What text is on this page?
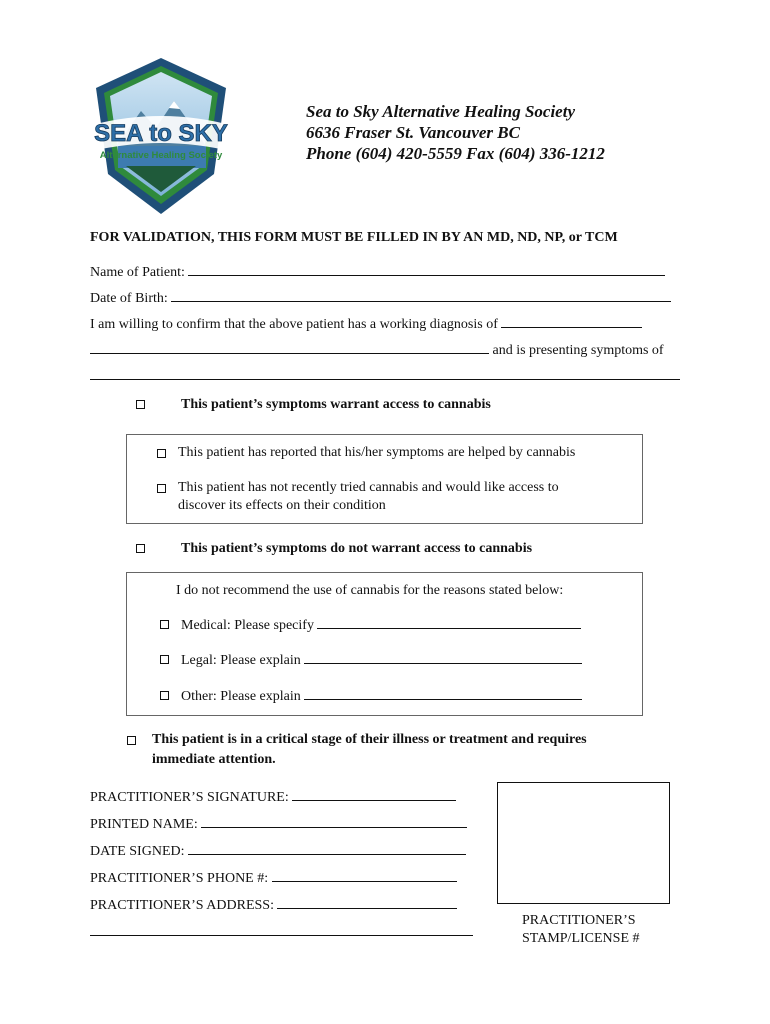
SEA to SKY
Alternative Healing Society
Sea to Sky Alternative Healing Society
6636 Fraser St. Vancouver BC
Phone (604) 420-5559 Fax (604) 336-1212
FOR VALIDATION, THIS FORM MUST BE FILLED IN BY AN MD, ND, NP, or TCM
Name of Patient:
Date of Birth:
I am willing to confirm that the above patient has a working diagnosis of
and is presenting symptoms of
This patient’s symptoms warrant access to cannabis
This patient has reported that his/her symptoms are helped by cannabis
This patient has not recently tried cannabis and would like access to
discover its effects on their condition
This patient’s symptoms do not warrant access to cannabis
I do not recommend the use of cannabis for the reasons stated below:
Medical: Please specify
Legal: Please explain
Other: Please explain
This patient is in a critical stage of their illness or treatment and requires
immediate attention.
PRACTITIONER’S SIGNATURE:
PRINTED NAME:
DATE SIGNED:
PRACTITIONER’S PHONE #:
PRACTITIONER’S ADDRESS:
PRACTITIONER’S
STAMP/LICENSE #
